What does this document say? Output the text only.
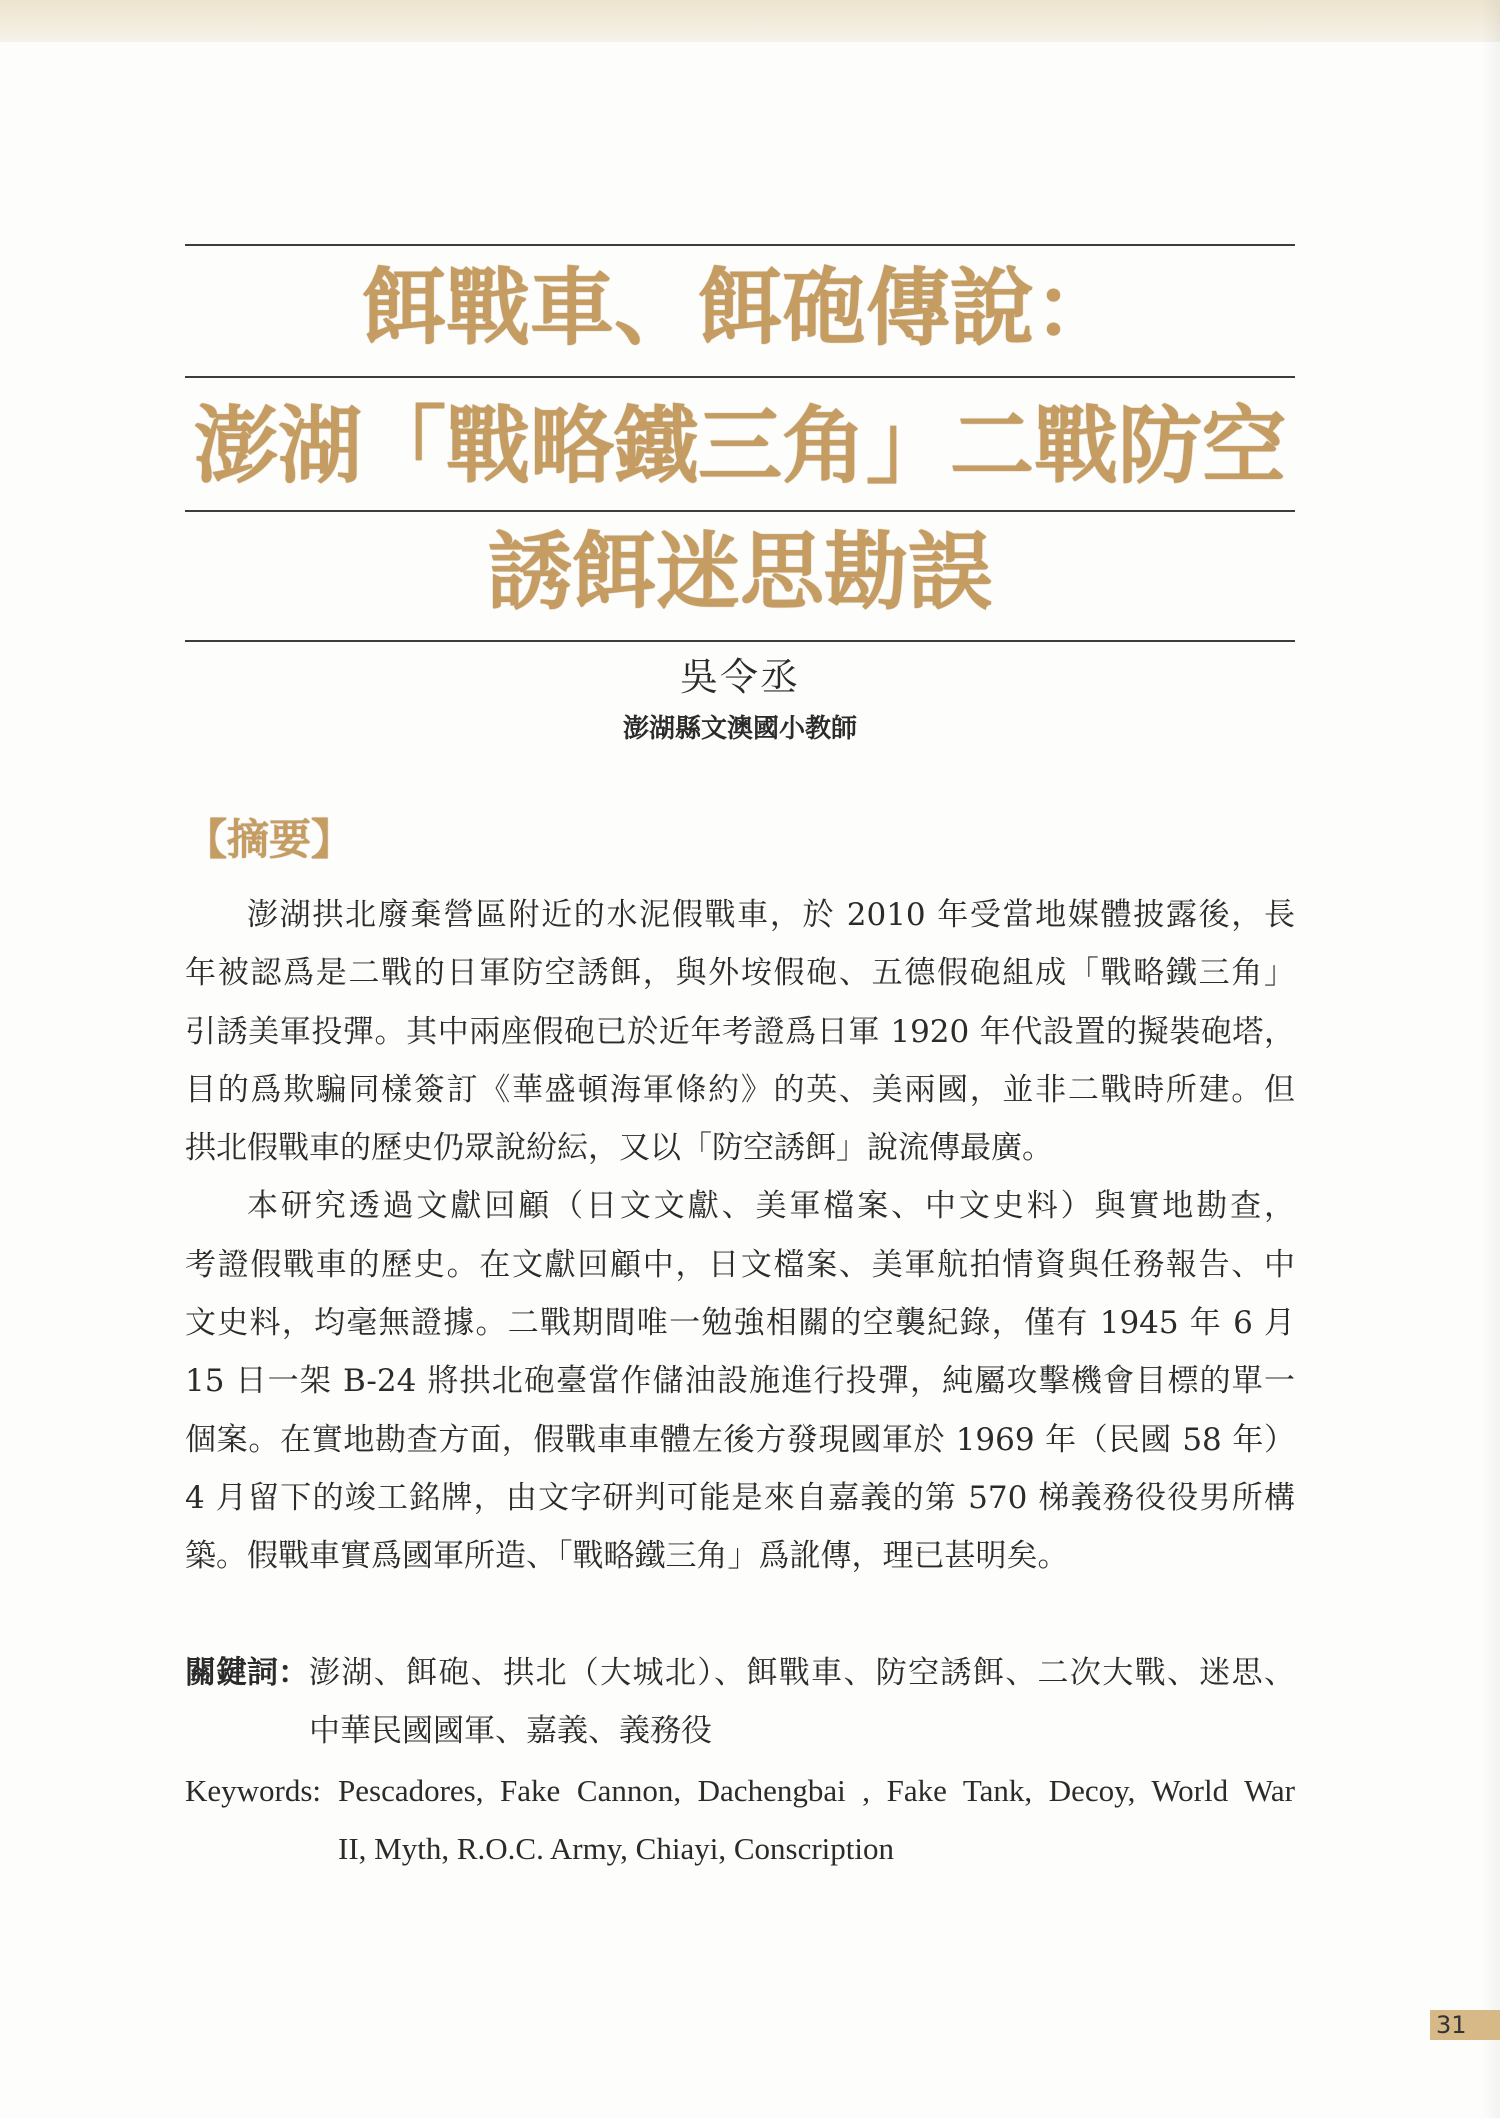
餌戰車、餌砲傳說：
澎湖「戰略鐵三角」二戰防空
誘餌迷思勘誤
吳令丞
澎湖縣文澳國小教師
【摘要】
澎湖拱北廢棄營區附近的水泥假戰車，於 2010 年受當地媒體披露後，長
年被認爲是二戰的日軍防空誘餌，與外垵假砲、五德假砲組成「戰略鐵三角」
引誘美軍投彈。其中兩座假砲已於近年考證爲日軍 1920 年代設置的擬裝砲塔，
目的爲欺騙同樣簽訂《華盛頓海軍條約》的英、美兩國，並非二戰時所建。但
拱北假戰車的歷史仍眾說紛紜，又以「防空誘餌」說流傳最廣。
本研究透過文獻回顧（日文文獻、美軍檔案、中文史料）與實地勘查，
考證假戰車的歷史。在文獻回顧中，日文檔案、美軍航拍情資與任務報告、中
文史料，均毫無證據。二戰期間唯一勉強相關的空襲紀錄，僅有 1945 年 6 月
15 日一架 B-24 將拱北砲臺當作儲油設施進行投彈，純屬攻擊機會目標的單一
個案。在實地勘查方面，假戰車車體左後方發現國軍於 1969 年（民國 58 年）
4 月留下的竣工銘牌，由文字研判可能是來自嘉義的第 570 梯義務役役男所構
築。假戰車實爲國軍所造、「戰略鐵三角」爲訛傳，理已甚明矣。
關鍵詞： 澎湖、餌砲、拱北（大城北）、餌戰車、防空誘餌、二次大戰、迷思、
中華民國國軍、嘉義、義務役
Keywords: Pescadores, Fake Cannon, Dachengbai , Fake Tank, Decoy, World War
II, Myth, R.O.C. Army, Chiayi, Conscription
31
